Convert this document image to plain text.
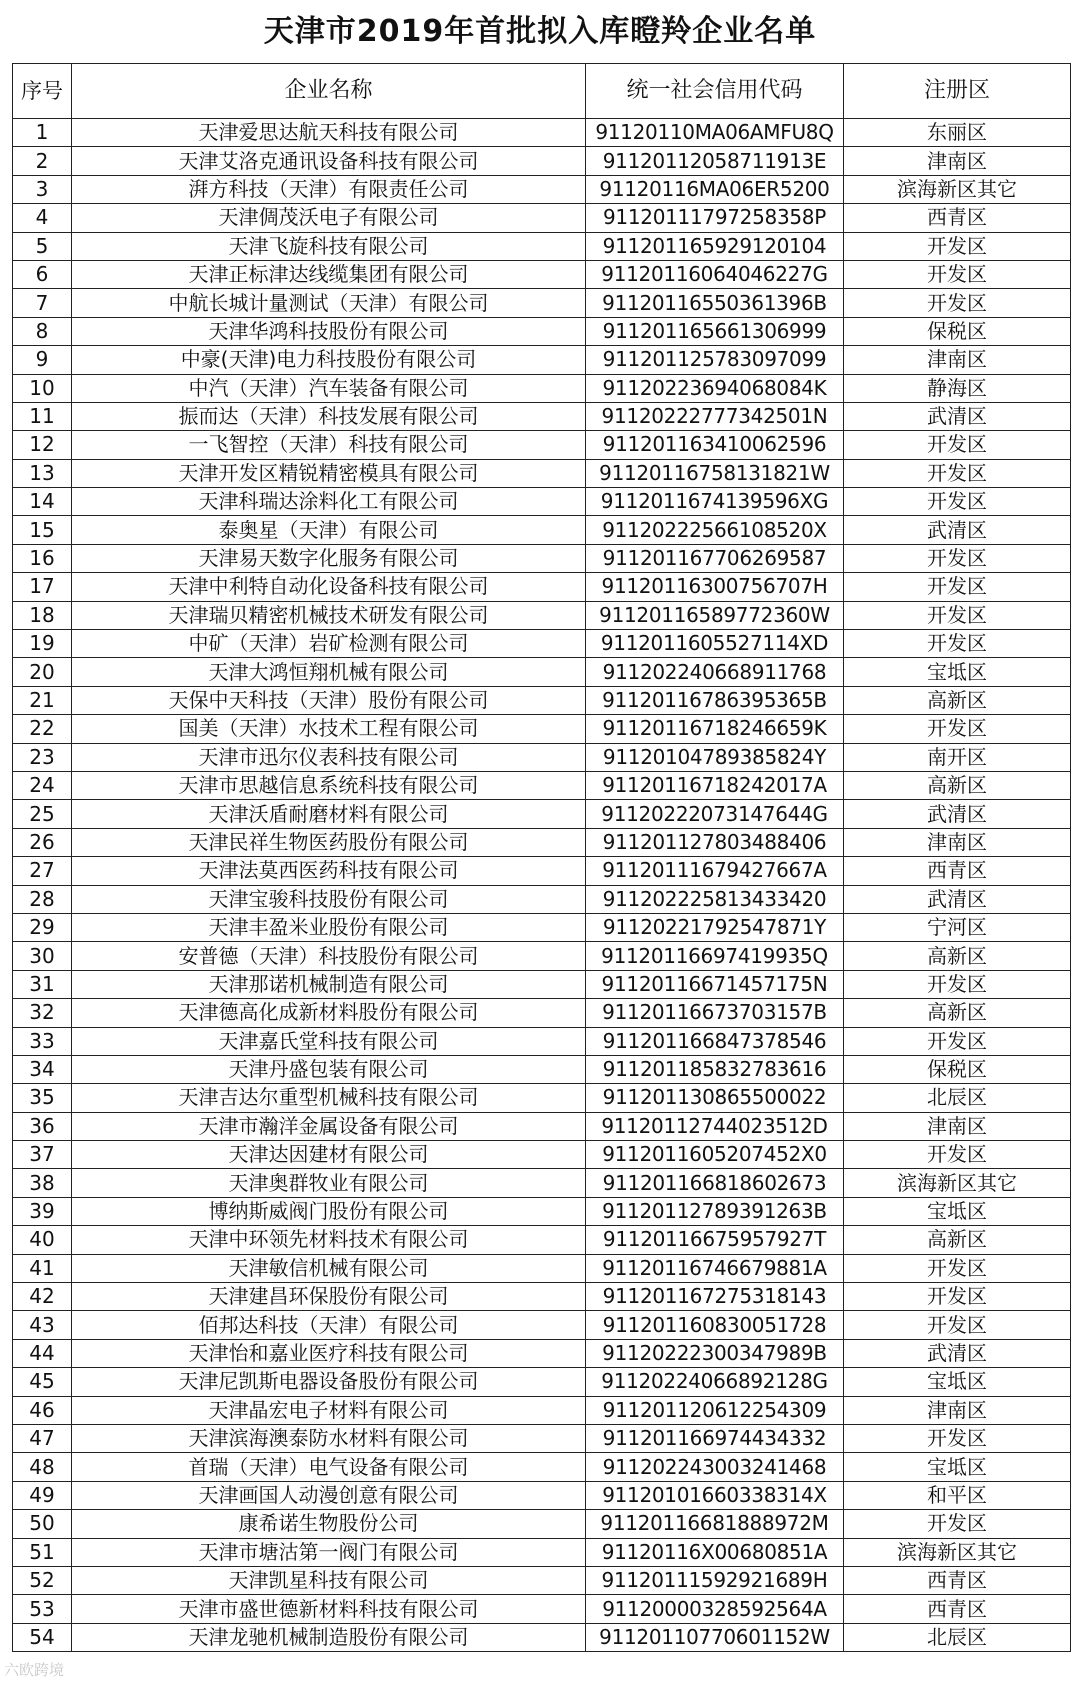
天津市2019年首批拟入库瞪羚企业名单
序号	企业名称	统一社会信用代码	注册区
1	天津爱思达航天科技有限公司	91120110MA06AMFU8Q	东丽区
2	天津艾洛克通讯设备科技有限公司	91120112058711913E	津南区
3	湃方科技（天津）有限责任公司	91120116MA06ER5200	滨海新区其它
4	天津倜茂沃电子有限公司	91120111797258358P	西青区
5	天津飞旋科技有限公司	911201165929120104	开发区
6	天津正标津达线缆集团有限公司	91120116064046227G	开发区
7	中航长城计量测试（天津）有限公司	91120116550361396B	开发区
8	天津华鸿科技股份有限公司	911201165661306999	保税区
9	中豪(天津)电力科技股份有限公司	911201125783097099	津南区
10	中汽（天津）汽车装备有限公司	91120223694068084K	静海区
11	振而达（天津）科技发展有限公司	91120222777342501N	武清区
12	一飞智控（天津）科技有限公司	911201163410062596	开发区
13	天津开发区精锐精密模具有限公司	91120116758131821W	开发区
14	天津科瑞达涂料化工有限公司	9112011674139596XG	开发区
15	泰奥星（天津）有限公司	91120222566108520X	武清区
16	天津易天数字化服务有限公司	911201167706269587	开发区
17	天津中利特自动化设备科技有限公司	91120116300756707H	开发区
18	天津瑞贝精密机械技术研发有限公司	91120116589772360W	开发区
19	中矿（天津）岩矿检测有限公司	9112011605527114XD	开发区
20	天津大鸿恒翔机械有限公司	911202240668911768	宝坻区
21	天保中天科技（天津）股份有限公司	91120116786395365B	高新区
22	国美（天津）水技术工程有限公司	91120116718246659K	开发区
23	天津市迅尔仪表科技有限公司	91120104789385824Y	南开区
24	天津市思越信息系统科技有限公司	91120116718242017A	高新区
25	天津沃盾耐磨材料有限公司	91120222073147644G	武清区
26	天津民祥生物医药股份有限公司	911201127803488406	津南区
27	天津法莫西医药科技有限公司	91120111679427667A	西青区
28	天津宝骏科技股份有限公司	911202225813433420	武清区
29	天津丰盈米业股份有限公司	91120221792547871Y	宁河区
30	安普德（天津）科技股份有限公司	91120116697419935Q	高新区
31	天津那诺机械制造有限公司	91120116671457175N	开发区
32	天津德高化成新材料股份有限公司	91120116673703157B	高新区
33	天津嘉氏堂科技有限公司	911201166847378546	开发区
34	天津丹盛包装有限公司	911201185832783616	保税区
35	天津吉达尔重型机械科技有限公司	911201130865500022	北辰区
36	天津市瀚洋金属设备有限公司	91120112744023512D	津南区
37	天津达因建材有限公司	9112011605207452X0	开发区
38	天津奥群牧业有限公司	911201166818602673	滨海新区其它
39	博纳斯威阀门股份有限公司	91120112789391263B	宝坻区
40	天津中环领先材料技术有限公司	91120116675957927T	高新区
41	天津敏信机械有限公司	91120116746679881A	开发区
42	天津建昌环保股份有限公司	911201167275318143	开发区
43	佰邦达科技（天津）有限公司	911201160830051728	开发区
44	天津怡和嘉业医疗科技有限公司	91120222300347989B	武清区
45	天津尼凯斯电器设备股份有限公司	91120224066892128G	宝坻区
46	天津晶宏电子材料有限公司	911201120612254309	津南区
47	天津滨海澳泰防水材料有限公司	911201166974434332	开发区
48	首瑞（天津）电气设备有限公司	911202243003241468	宝坻区
49	天津画国人动漫创意有限公司	91120101660338314X	和平区
50	康希诺生物股份公司	91120116681888972M	开发区
51	天津市塘沽第一阀门有限公司	91120116X00680851A	滨海新区其它
52	天津凯星科技有限公司	91120111592921689H	西青区
53	天津市盛世德新材料科技有限公司	91120000328592564A	西青区
54	天津龙驰机械制造股份有限公司	91120110770601152W	北辰区
六欧跨境
